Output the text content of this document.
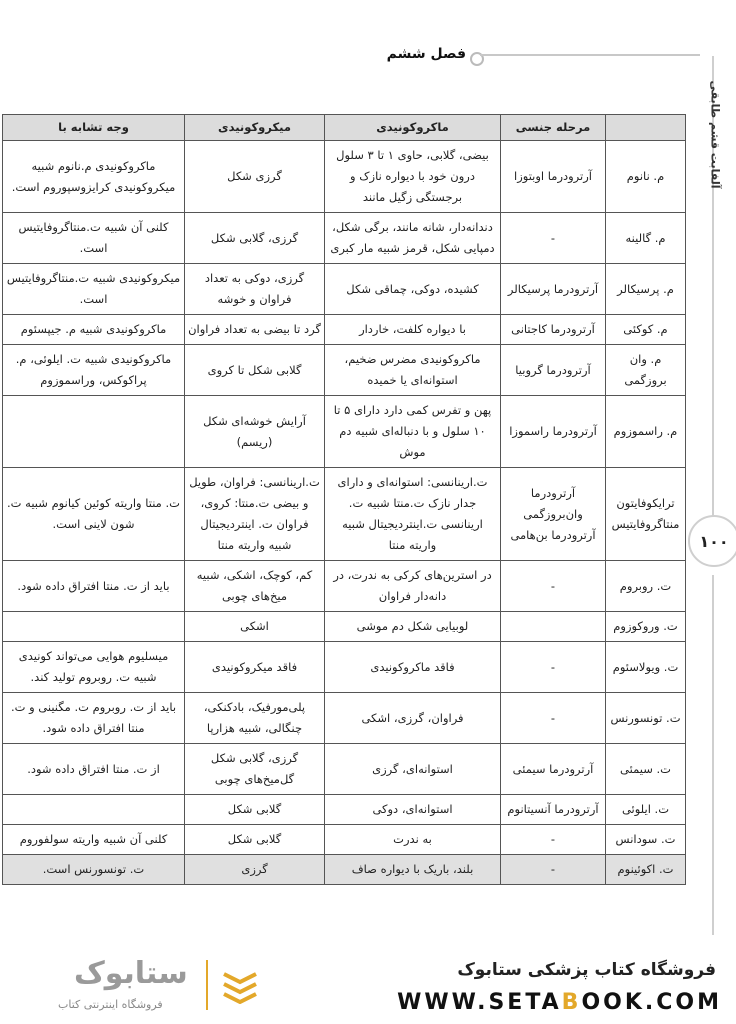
فصل ششم
آلفابت قشم طابقی
۱۰۰
	مرحله جنسی	ماکروکونیدی	میکروکونیدی	وجه تشابه با
م. نانوم	آرترودرما اوبتوزا	بیضی، گلابی، حاوی ۱ تا ۳ سلول درون خود با دیواره نازک و برجستگی زگیل مانند	گرزی شکل	ماکروکونیدی م.نانوم شبیه میکروکونیدی کرایزوسپوروم است.
م. گالینه	-	دندانه‌دار، شانه مانند، برگی شکل، دمپایی شکل، قرمز شبیه مار کبری	گرزی، گلابی شکل	کلنی آن شبیه ت.منتاگروفایتیس است.
م. پرسیکالر	آرترودرما پرسیکالر	کشیده، دوکی، چماقی شکل	گرزی، دوکی به تعداد فراوان و خوشه	میکروکونیدی شبیه ت.منتاگروفایتیس است.
م. کوکئی	آرترودرما کاجتانی	با دیواره کلفت، خاردار	گرد تا بیضی به تعداد فراوان	ماکروکونیدی شبیه م. جیپسئوم
م. وان بروزگمی	آرترودرما گروبیا	ماکروکونیدی مضرس ضخیم، استوانه‌ای یا خمیده	گلابی شکل تا کروی	ماکروکونیدی شبیه ت. ایلوئی، م. پراکوکس، وراسموزوم
م. راسموزوم	آرترودرما راسموزا	پهن و تفرس کمی دارد دارای ۵ تا ۱۰ سلول و با دنباله‌ای شبیه دم موش	آرایش خوشه‌ای شکل (ریسم)	
ترایکوفایتون منتاگروفایتیس	آرترودرما وان‌بروزگمی آرترودرما بن‌هامی	ت.ارینانسی: استوانه‌ای و دارای جدار نازک ت.منتا شبیه ت. ارینانسی ت.اینتردیجیتال شبیه واریته منتا	ت.ارینانسی: فراوان، طویل و بیضی ت.منتا: کروی، فراوان ت. اینتردیجیتال شبیه واریته منتا	ت. منتا واریته کوئین کیانوم شبیه ت. شون لاینی است.
ت. روبروم	-	در استرین‌های کرکی به ندرت، در دانه‌دار فراوان	کم، کوچک، اشکی، شبیه میخ‌های چوبی	باید از ت. منتا افتراق داده شود.
ت. وروکوزوم		لوبیایی شکل دم موشی	اشکی	
ت. ویولاسئوم	-	فاقد ماکروکونیدی	فاقد میکروکونیدی	میسلیوم هوایی می‌تواند کونیدی شبیه ت. روبروم تولید کند.
ت. تونسورنس	-	فراوان، گرزی، اشکی	پلی‌مورفیک، بادکنکی، چنگالی، شبیه هزارپا	باید از ت. روبروم ت. مگنینی و ت. منتا افتراق داده شود.
ت. سیمئی	آرترودرما سیمئی	استوانه‌ای، گرزی	گرزی، گلابی شکل گل‌میخ‌های چوبی	از ت. منتا افتراق داده شود.
ت. ایلوئی	آرترودرما آنسیتانوم	استوانه‌ای، دوکی	گلابی شکل	
ت. سودانس	-	به ندرت	گلابی شکل	کلنی آن شبیه واریته سولفوروم
ت. اکوئینوم	-	بلند، باریک با دیواره صاف	گرزی	ت. تونسورنس است.
فروشگاه کتاب پزشکی ستابوک
WWW.SETABOOK.COM
ستابوک
فروشگاه اینترنتی کتاب
